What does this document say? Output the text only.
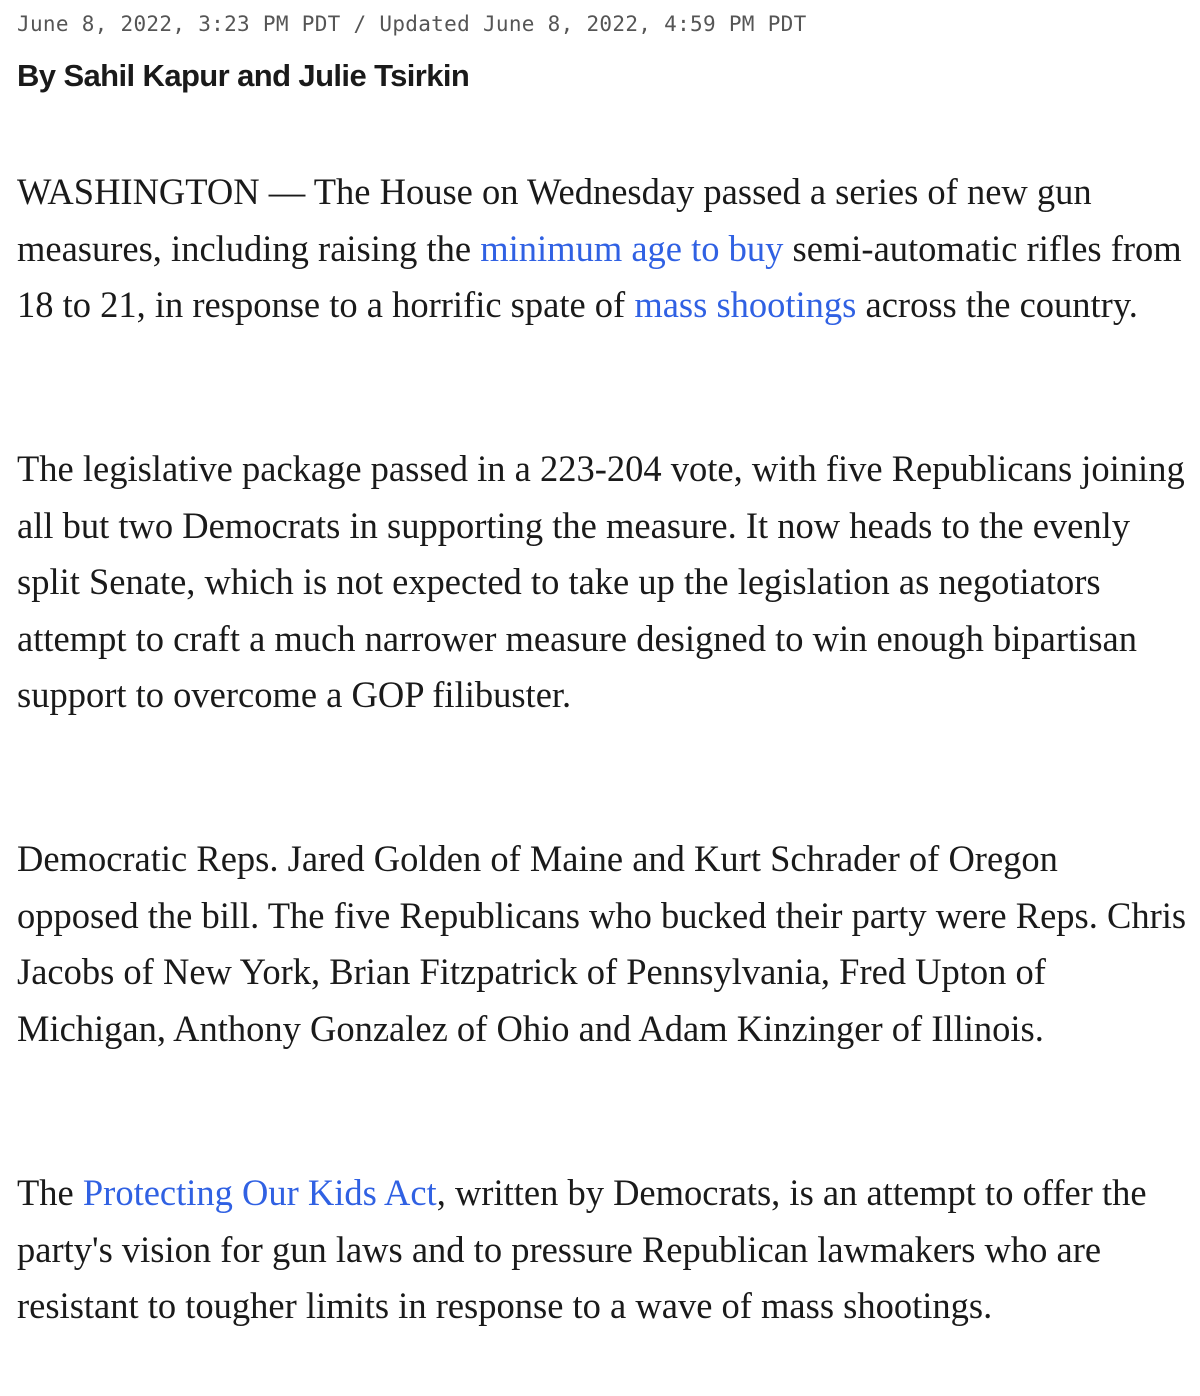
June 8, 2022, 3:23 PM PDT / Updated June 8, 2022, 4:59 PM PDT
By Sahil Kapur and Julie Tsirkin

WASHINGTON — The House on Wednesday passed a series of new gun measures, including raising the minimum age to buy semi-automatic rifles from 18 to 21, in response to a horrific spate of mass shootings across the country.

The legislative package passed in a 223-204 vote, with five Republicans joining all but two Democrats in supporting the measure. It now heads to the evenly split Senate, which is not expected to take up the legislation as negotiators attempt to craft a much narrower measure designed to win enough bipartisan support to overcome a GOP filibuster.

Democratic Reps. Jared Golden of Maine and Kurt Schrader of Oregon opposed the bill. The five Republicans who bucked their party were Reps. Chris Jacobs of New York, Brian Fitzpatrick of Pennsylvania, Fred Upton of Michigan, Anthony Gonzalez of Ohio and Adam Kinzinger of Illinois.

The Protecting Our Kids Act, written by Democrats, is an attempt to offer the party's vision for gun laws and to pressure Republican lawmakers who are resistant to tougher limits in response to a wave of mass shootings.
